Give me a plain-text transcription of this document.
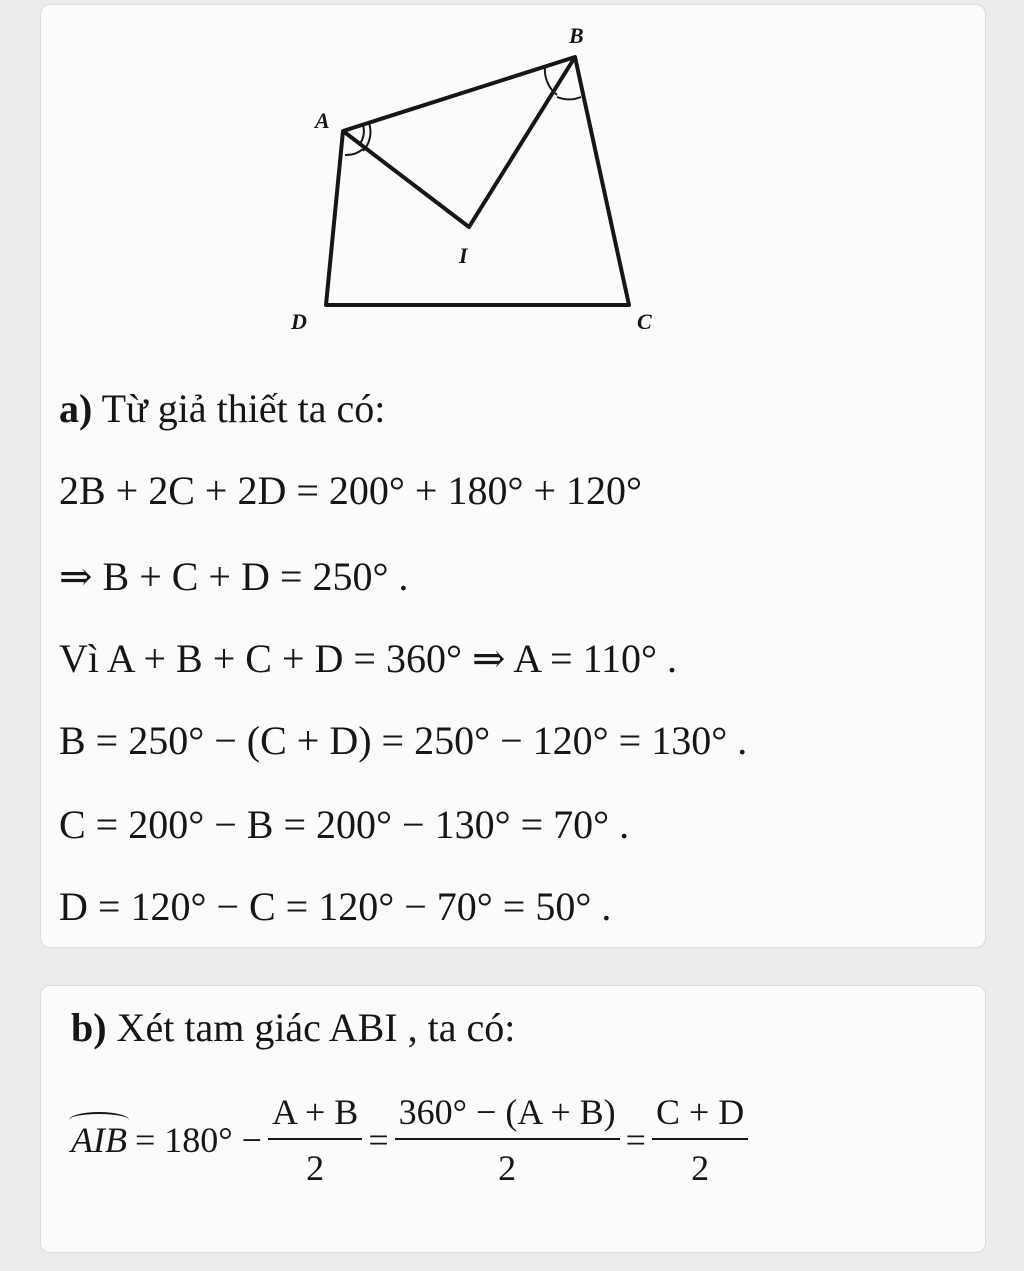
B
A
I
D	C
a) Từ giả thiết ta có:
2B + 2C + 2D = 200° + 180° + 120°
⇒ B + C + D = 250° .
Vì A + B + C + D = 360° ⇒ A = 110° .
B = 250° − (C + D) = 250° − 120° = 130° .
C = 200° − B = 200° − 130° = 70° .
D = 120° − C = 120° − 70° = 50° .
b) Xét tam giác ABI , ta có:
AIB = $180^\circ - \frac{A + B}{2} = \frac{360^\circ - (A + B)}{2} = \frac{C + D}{2}$
